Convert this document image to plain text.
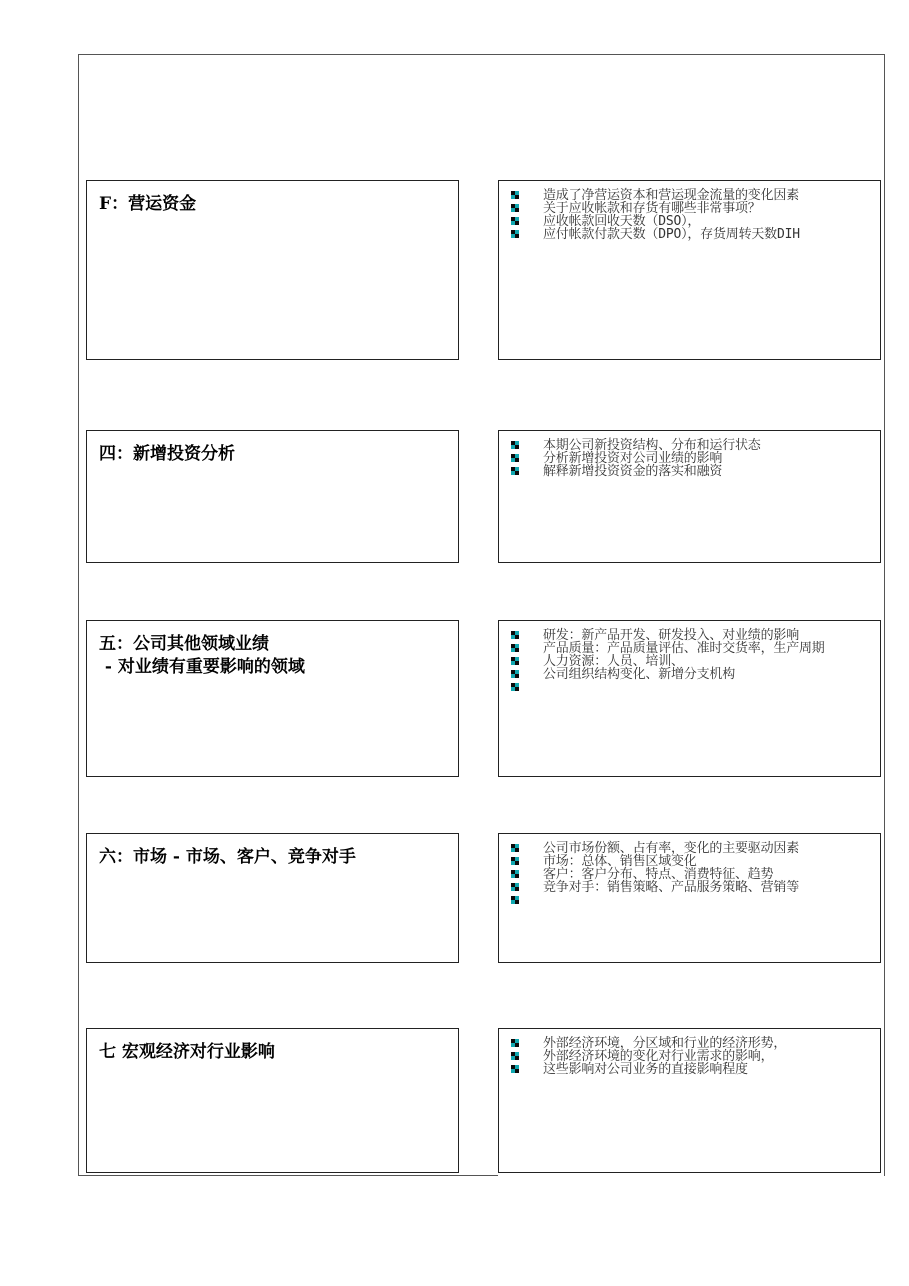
F：营运资金	造成了净营运资本和营运现金流量的变化因素
关于应收帐款和存货有哪些非常事项？
应收帐款回收天数（DSO），
应付帐款付款天数（DPO），存货周转天数DIH
四：新增投资分析	本期公司新投资结构、分布和运行状态
分析新增投资对公司业绩的影响
解释新增投资资金的落实和融资
五：公司其他领域业绩
- 对业绩有重要影响的领域
研发：新产品开发、研发投入、对业绩的影响
产品质量：产品质量评估、准时交货率，生产周期
人力资源：人员、培训、
公司组织结构变化、新增分支机构
六：市场 - 市场、客户、竞争对手	公司市场份额、占有率，变化的主要驱动因素
市场：总体、销售区域变化
客户：客户分布、特点、消费特征、趋势
竞争对手：销售策略、产品服务策略、营销等
七 宏观经济对行业影响	外部经济环境，分区域和行业的经济形势，
外部经济环境的变化对行业需求的影响，
这些影响对公司业务的直接影响程度
